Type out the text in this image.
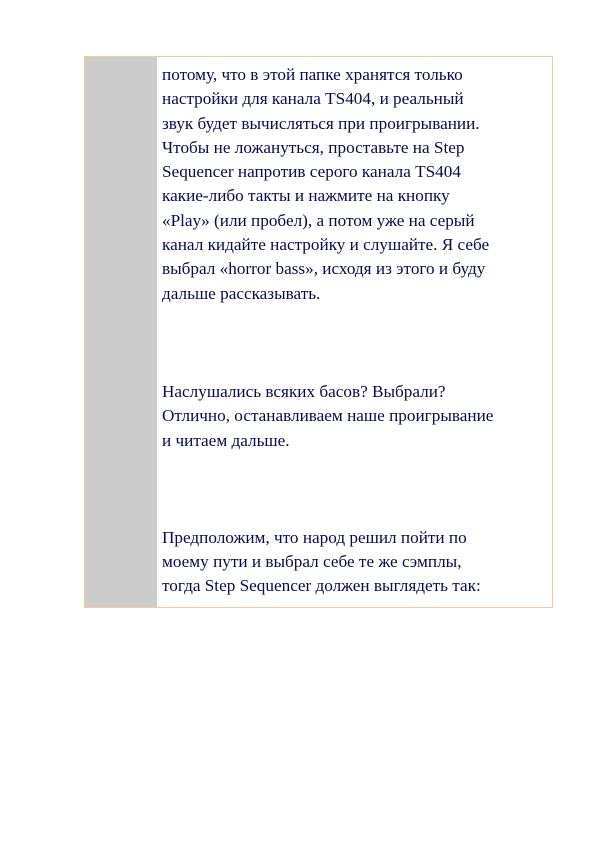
потому, что в этой папке хранятся только
настройки для канала TS404, и реальный
звук будет вычисляться при проигрывании.
Чтобы не ложануться, проставьте на Step
Sequencer напротив серого канала TS404
какие-либо такты и нажмите на кнопку
«Play» (или пробел), а потом уже на серый
канал кидайте настройку и слушайте. Я себе
выбрал «horror bass», исходя из этого и буду
дальше рассказывать.

Наслушались всяких басов? Выбрали?
Отлично, останавливаем наше проигрывание
и читаем дальше.

Предположим, что народ решил пойти по
моему пути и выбрал себе те же сэмплы,
тогда Step Sequencer должен выглядеть так:
